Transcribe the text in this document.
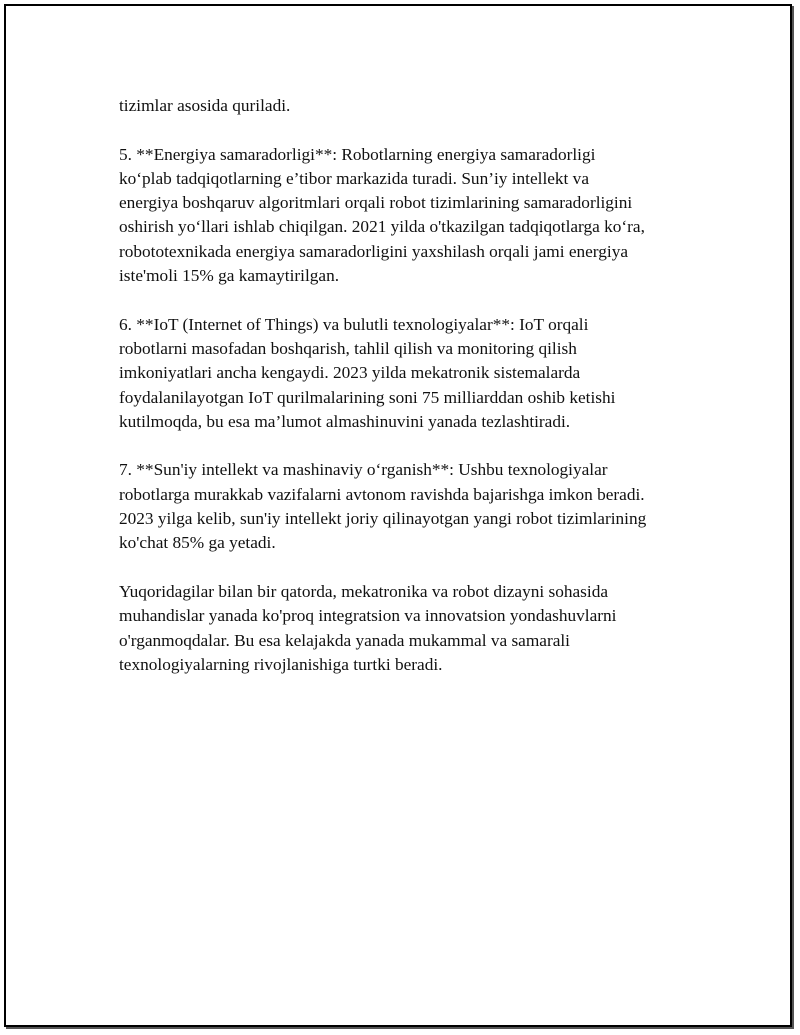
tizimlar asosida quriladi.

5. **Energiya samaradorligi**: Robotlarning energiya samaradorligi
ko‘plab tadqiqotlarning e’tibor markazida turadi. Sun’iy intellekt va
energiya boshqaruv algoritmlari orqali robot tizimlarining samaradorligini
oshirish yo‘llari ishlab chiqilgan. 2021 yilda o'tkazilgan tadqiqotlarga ko‘ra,
robototexnikada energiya samaradorligini yaxshilash orqali jami energiya
iste'moli 15% ga kamaytirilgan.

6. **IoT (Internet of Things) va bulutli texnologiyalar**: IoT orqali
robotlarni masofadan boshqarish, tahlil qilish va monitoring qilish
imkoniyatlari ancha kengaydi. 2023 yilda mekatronik sistemalarda
foydalanilayotgan IoT qurilmalarining soni 75 milliarddan oshib ketishi
kutilmoqda, bu esa ma’lumot almashinuvini yanada tezlashtiradi.

7. **Sun'iy intellekt va mashinaviy o‘rganish**: Ushbu texnologiyalar
robotlarga murakkab vazifalarni avtonom ravishda bajarishga imkon beradi.
2023 yilga kelib, sun'iy intellekt joriy qilinayotgan yangi robot tizimlarining
ko'chat 85% ga yetadi.

Yuqoridagilar bilan bir qatorda, mekatronika va robot dizayni sohasida
muhandislar yanada ko'proq integratsion va innovatsion yondashuvlarni
o'rganmoqdalar. Bu esa kelajakda yanada mukammal va samarali
texnologiyalarning rivojlanishiga turtki beradi.
